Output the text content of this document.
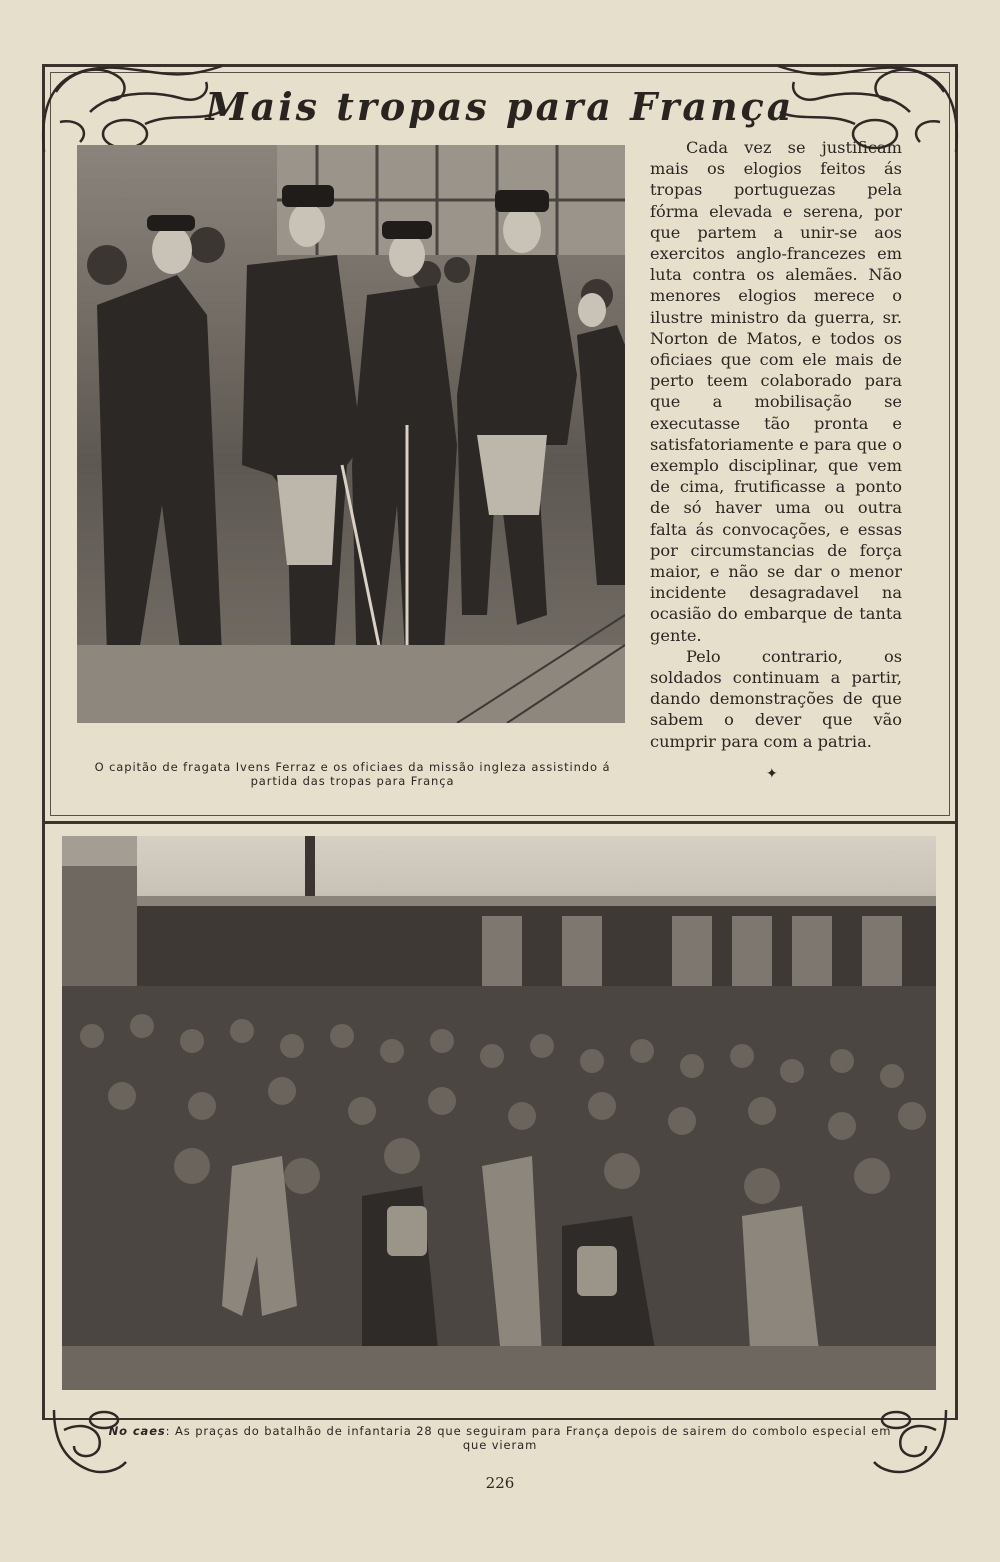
Mais tropas para França
O capitão de fragata Ivens Ferraz e os oficiaes da missão ingleza assistindo á partida das tropas para França

Cada vez se justificam mais os elogios feitos ás tropas portuguezas pela fórma elevada e serena, por que partem a unir-se aos exercitos anglo-francezes em luta contra os alemães. Não menores elogios merece o ilustre ministro da guerra, sr. Norton de Matos, e todos os oficiaes que com ele mais de perto teem colaborado para que a mobilisação se executasse tão pronta e satisfatoriamente e para que o exemplo disciplinar, que vem de cima, frutificasse a ponto de só haver uma ou outra falta ás convocações, e essas por circumstancias de força maior, e não se dar o menor incidente desagradavel na ocasião do embarque de tanta gente.

Pelo contrario, os soldados continuam a partir, dando demonstrações de que sabem o dever que vão cumprir para com a patria.

✦
No caes: As praças do batalhão de infantaria 28 que seguiram para França depois de sairem do combolo especial em que vieram
226
